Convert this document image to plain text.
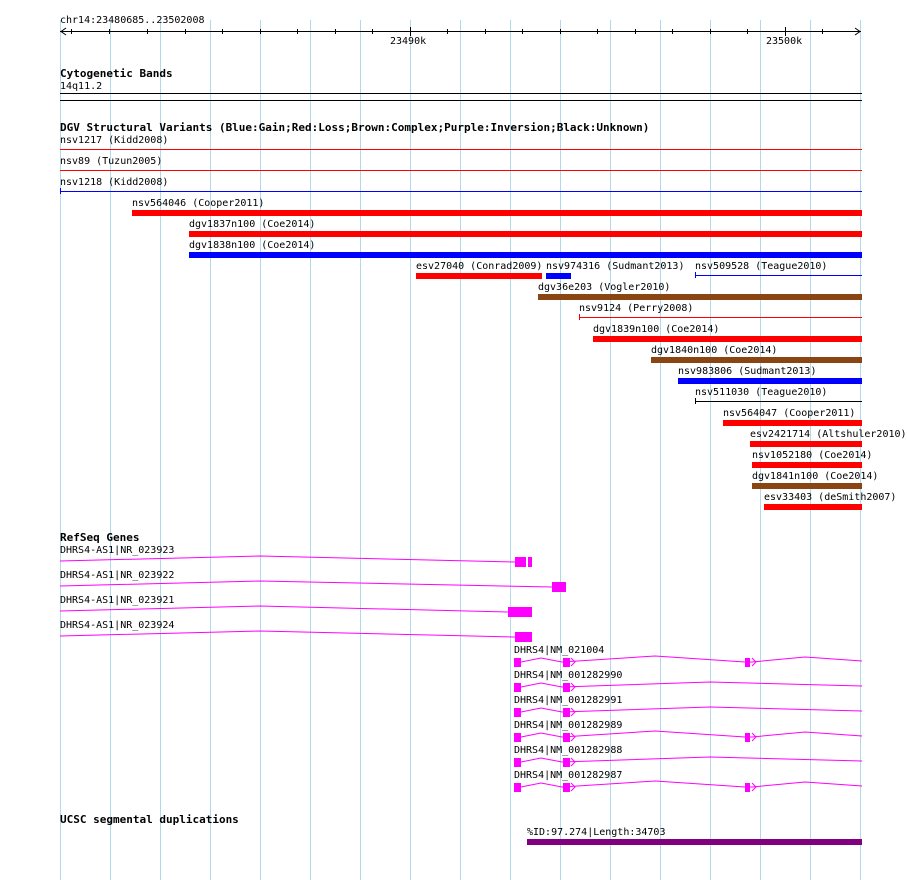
chr14:23480685..23502008
23490k	23500k
Cytogenetic Bands
14q11.2
DGV Structural Variants (Blue:Gain;Red:Loss;Brown:Complex;Purple:Inversion;Black:Unknown)
nsv1217 (Kidd2008)
nsv89 (Tuzun2005)
nsv1218 (Kidd2008)
nsv564046 (Cooper2011)
dgv1837n100 (Coe2014)
dgv1838n100 (Coe2014)
esv27040 (Conrad2009) nsv974316 (Sudmant2013) nsv509528 (Teague2010)
dgv36e203 (Vogler2010)
nsv9124 (Perry2008)
dgv1839n100 (Coe2014)
dgv1840n100 (Coe2014)
nsv983806 (Sudmant2013)
nsv511030 (Teague2010)
nsv564047 (Cooper2011)
esv2421714 (Altshuler2010)
nsv1052180 (Coe2014)
dgv1841n100 (Coe2014)
esv33403 (deSmith2007)
RefSeq Genes
DHRS4-AS1|NR_023923
DHRS4-AS1|NR_023922
DHRS4-AS1|NR_023921
DHRS4-AS1|NR_023924
DHRS4|NM_021004
DHRS4|NM_001282990
DHRS4|NM_001282991
DHRS4|NM_001282989
DHRS4|NM_001282988
DHRS4|NM_001282987
UCSC segmental duplications
%ID:97.274|Length:34703
